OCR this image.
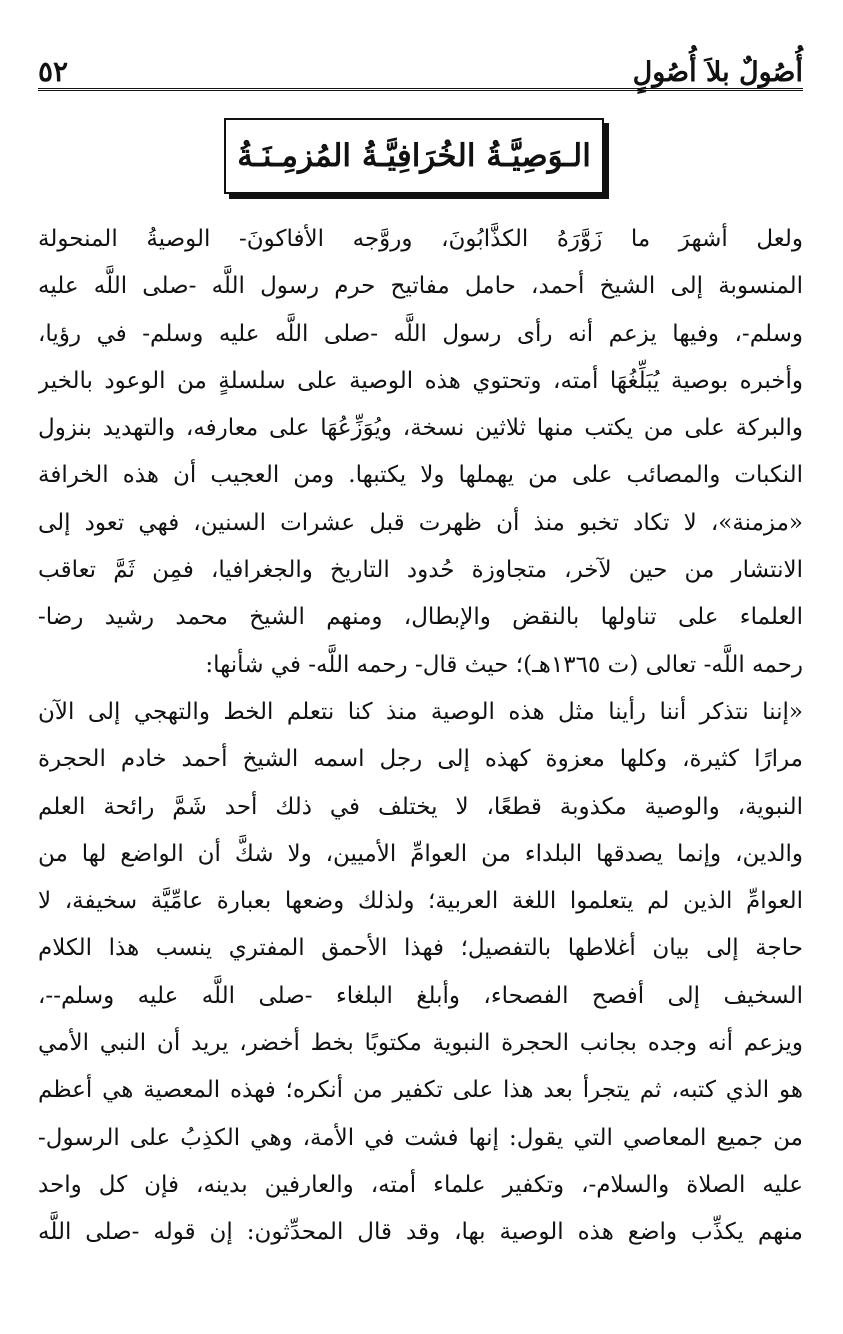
أُصُولٌ بلاَ أُصُولٍ
٥٢
الـوَصِيَّـةُ الخُرَافِيَّـةُ المُزمِـنَـةُ
ولعل أشهرَ ما زَوَّرَهُ الكذَّابُونَ، وروَّجه الأفاكونَ- الوصيةُ المنحولة
المنسوبة إلى الشيخ أحمد، حامل مفاتيح حرم رسول اللَّه -صلى اللَّه عليه
وسلم-، وفيها يزعم أنه رأى رسول اللَّه -صلى اللَّه عليه وسلم- في رؤيا،
وأخبره بوصية يُبَلِّغُهَا أمته، وتحتوي هذه الوصية على سلسلةٍ من الوعود بالخير
والبركة على من يكتب منها ثلاثين نسخة، ويُوَزِّعُهَا على معارفه، والتهديد بنزول
النكبات والمصائب على من يهملها ولا يكتبها. ومن العجيب أن هذه الخرافة
«مزمنة»، لا تكاد تخبو منذ أن ظهرت قبل عشرات السنين، فهي تعود إلى
الانتشار من حين لآخر، متجاوزة حُدود التاريخ والجغرافيا، فمِن ثَمَّ تعاقب
العلماء على تناولها بالنقض والإبطال، ومنهم الشيخ محمد رشيد رضا-
رحمه اللَّه- تعالى (ت ١٣٦٥هـ)؛ حيث قال- رحمه اللَّه- في شأنها:
«إننا نتذكر أننا رأينا مثل هذه الوصية منذ كنا نتعلم الخط والتهجي إلى الآن
مرارًا كثيرة، وكلها معزوة كهذه إلى رجل اسمه الشيخ أحمد خادم الحجرة
النبوية، والوصية مكذوبة قطعًا، لا يختلف في ذلك أحد شَمَّ رائحة العلم
والدين، وإنما يصدقها البلداء من العوامِّ الأميين، ولا شكَّ أن الواضع لها من
العوامِّ الذين لم يتعلموا اللغة العربية؛ ولذلك وضعها بعبارة عامِّيَّة سخيفة، لا
حاجة إلى بيان أغلاطها بالتفصيل؛ فهذا الأحمق المفتري ينسب هذا الكلام
السخيف إلى أفصح الفصحاء، وأبلغ البلغاء -صلى اللَّه عليه وسلم--،
ويزعم أنه وجده بجانب الحجرة النبوية مكتوبًا بخط أخضر، يريد أن النبي الأمي
هو الذي كتبه، ثم يتجرأ بعد هذا على تكفير من أنكره؛ فهذه المعصية هي أعظم
من جميع المعاصي التي يقول: إنها فشت في الأمة، وهي الكذِبُ على الرسول-
عليه الصلاة والسلام-، وتكفير علماء أمته، والعارفين بدينه، فإن كل واحد
منهم يكذِّب واضع هذه الوصية بها، وقد قال المحدِّثون: إن قوله -صلى اللَّه
